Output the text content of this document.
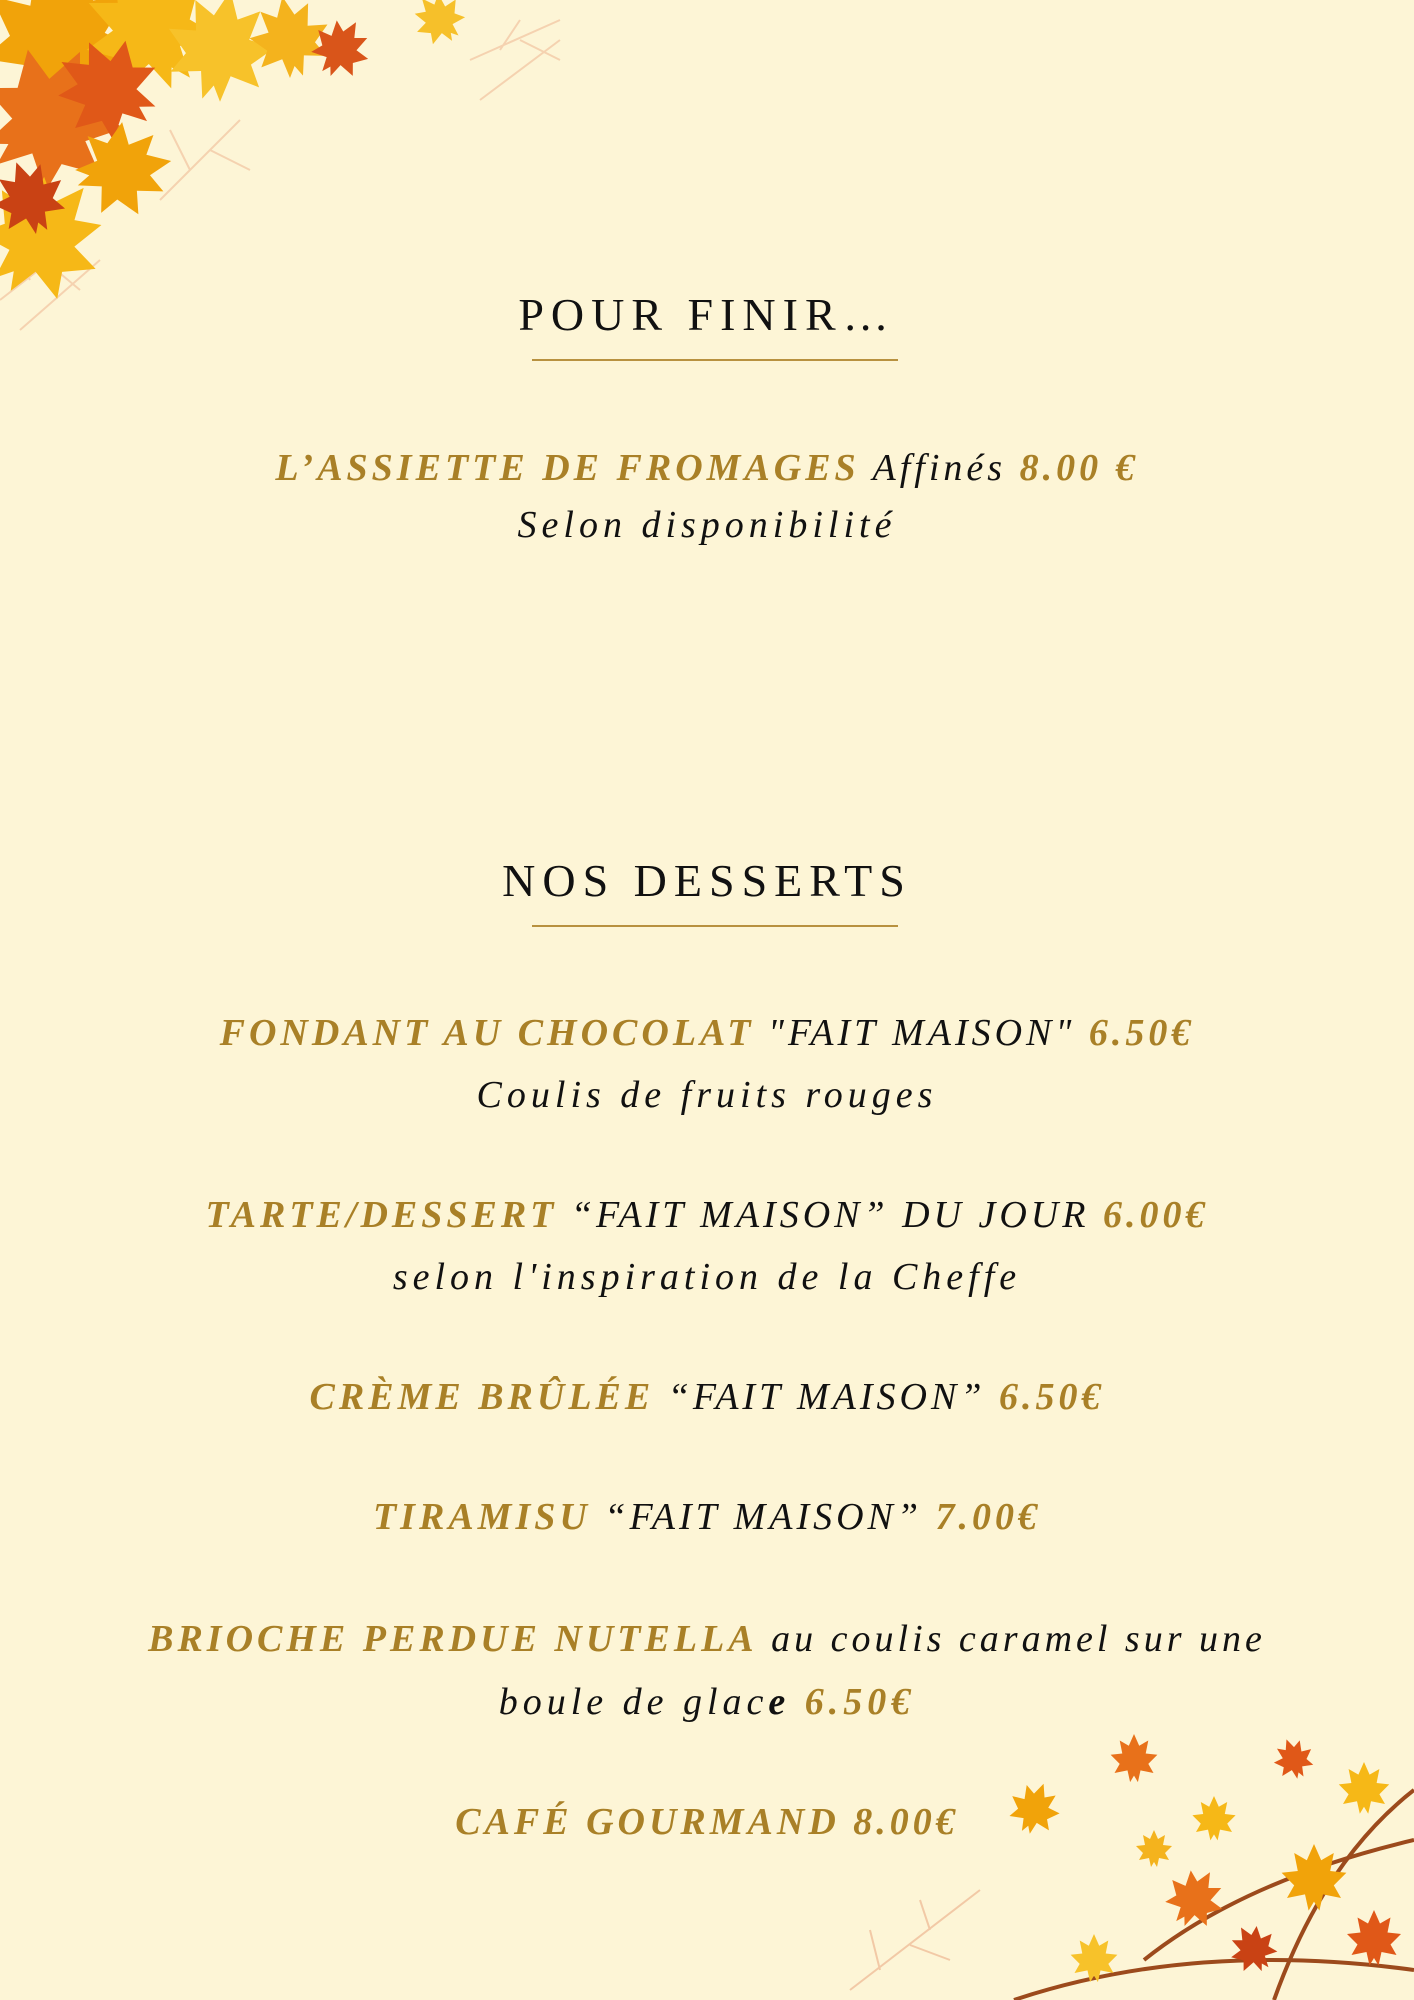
POUR FINIR…
L’ASSIETTE DE FROMAGES Affinés 8.00 €
Selon disponibilité
NOS DESSERTS
FONDANT AU CHOCOLAT "FAIT MAISON" 6.50€
Coulis de fruits rouges
TARTE/DESSERT “FAIT MAISON” DU JOUR 6.00€
selon l'inspiration de la Cheffe
CRÈME BRÛLÉE “FAIT MAISON” 6.50€
TIRAMISU “FAIT MAISON” 7.00€
BRIOCHE PERDUE NUTELLA au coulis caramel sur une
boule de glace 6.50€
CAFÉ GOURMAND 8.00€
